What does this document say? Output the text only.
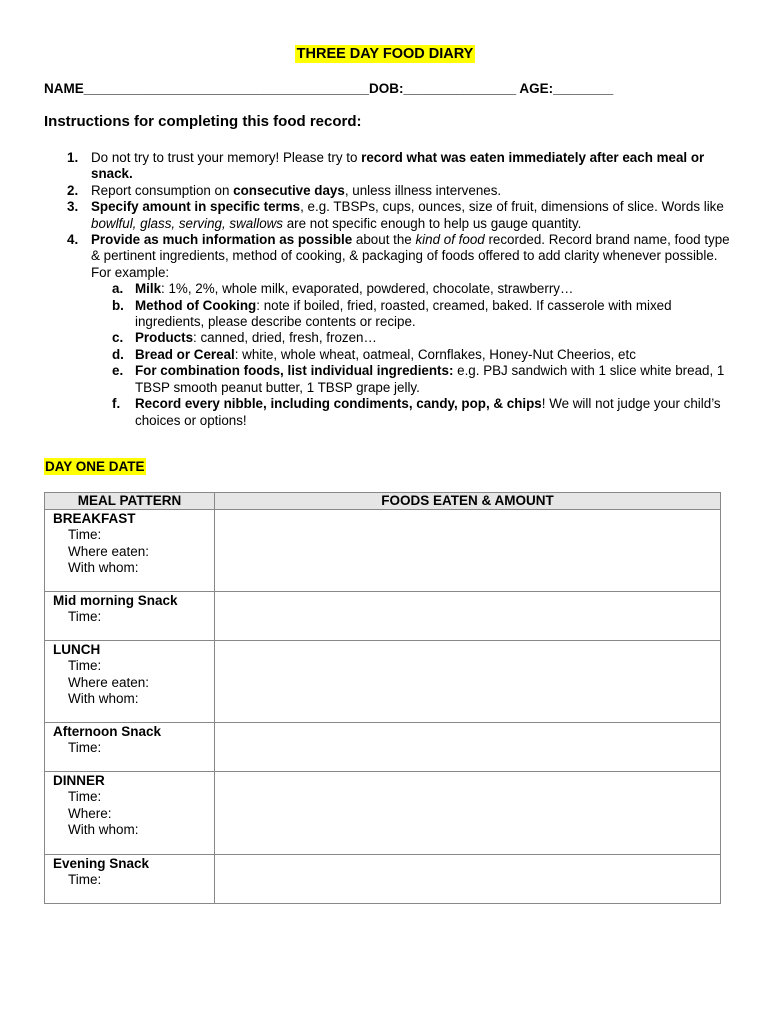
THREE DAY FOOD DIARY
NAME______________________________________DOB:_______________ AGE:________
Instructions for completing this food record:
1. Do not try to trust your memory! Please try to record what was eaten immediately after each meal or snack.
2. Report consumption on consecutive days, unless illness intervenes.
3. Specify amount in specific terms, e.g. TBSPs, cups, ounces, size of fruit, dimensions of slice. Words like bowlful, glass, serving, swallows are not specific enough to help us gauge quantity.
4. Provide as much information as possible about the kind of food recorded. Record brand name, food type & pertinent ingredients, method of cooking, & packaging of foods offered to add clarity whenever possible. For example:
a. Milk: 1%, 2%, whole milk, evaporated, powdered, chocolate, strawberry…
b. Method of Cooking: note if boiled, fried, roasted, creamed, baked. If casserole with mixed ingredients, please describe contents or recipe.
c. Products: canned, dried, fresh, frozen…
d. Bread or Cereal: white, whole wheat, oatmeal, Cornflakes, Honey-Nut Cheerios, etc
e. For combination foods, list individual ingredients: e.g. PBJ sandwich with 1 slice white bread, 1 TBSP smooth peanut butter, 1 TBSP grape jelly.
f. Record every nibble, including condiments, candy, pop, & chips! We will not judge your child’s choices or options!
DAY ONE DATE
MEAL PATTERN	FOODS EATEN & AMOUNT

BREAKFAST
Time:
Where eaten:
With whom:	

Mid morning Snack
Time:	

LUNCH
Time:
Where eaten:
With whom:	

Afternoon Snack
Time:	

DINNER
Time:
Where:
With whom:	

Evening Snack
Time:	
